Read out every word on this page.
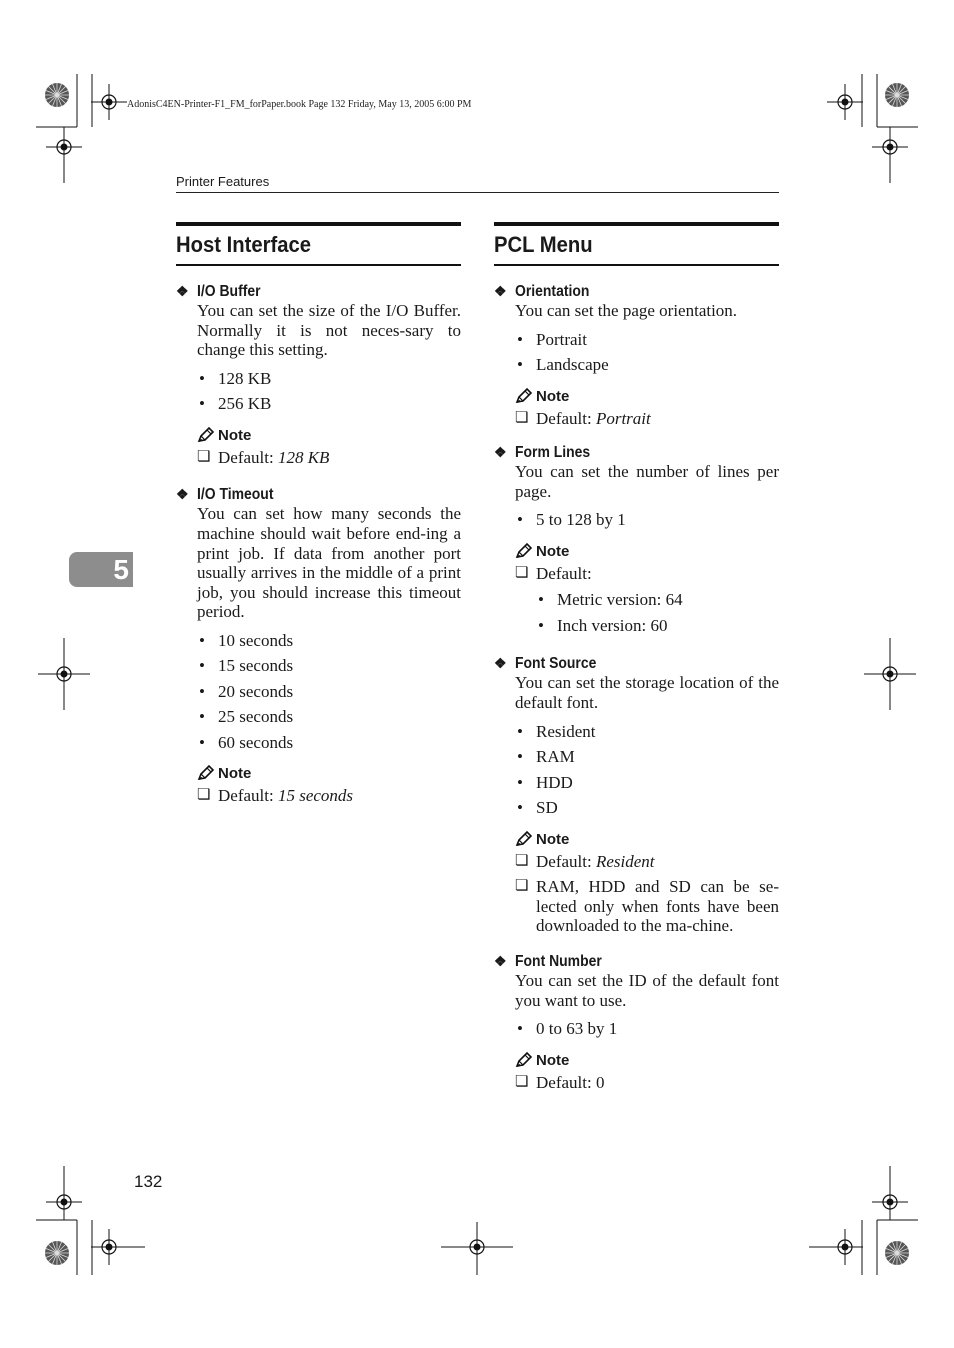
AdonisC4EN-Printer-F1_FM_forPaper.book Page 132 Friday, May 13, 2005 6:00 PM
Printer Features
5
Host Interface
❖ I/O Buffer
You can set the size of the I/O Buffer. Normally it is not neces-sary to change this setting.
• 128 KB
• 256 KB
Note
❏ Default: 128 KB
❖ I/O Timeout
You can set how many seconds the machine should wait before end-ing a print job. If data from another port usually arrives in the middle of a print job, you should increase this timeout period.
• 10 seconds
• 15 seconds
• 20 seconds
• 25 seconds
• 60 seconds
Note
❏ Default: 15 seconds
PCL Menu
❖ Orientation
You can set the page orientation.
• Portrait
• Landscape
Note
❏ Default: Portrait
❖ Form Lines
You can set the number of lines per page.
• 5 to 128 by 1
Note
❏ Default:
• Metric version: 64
• Inch version: 60
❖ Font Source
You can set the storage location of the default font.
• Resident
• RAM
• HDD
• SD
Note
❏ Default: Resident
❏ RAM, HDD and SD can be se-lected only when fonts have been downloaded to the ma-chine.
❖ Font Number
You can set the ID of the default font you want to use.
• 0 to 63 by 1
Note
❏ Default: 0
132
